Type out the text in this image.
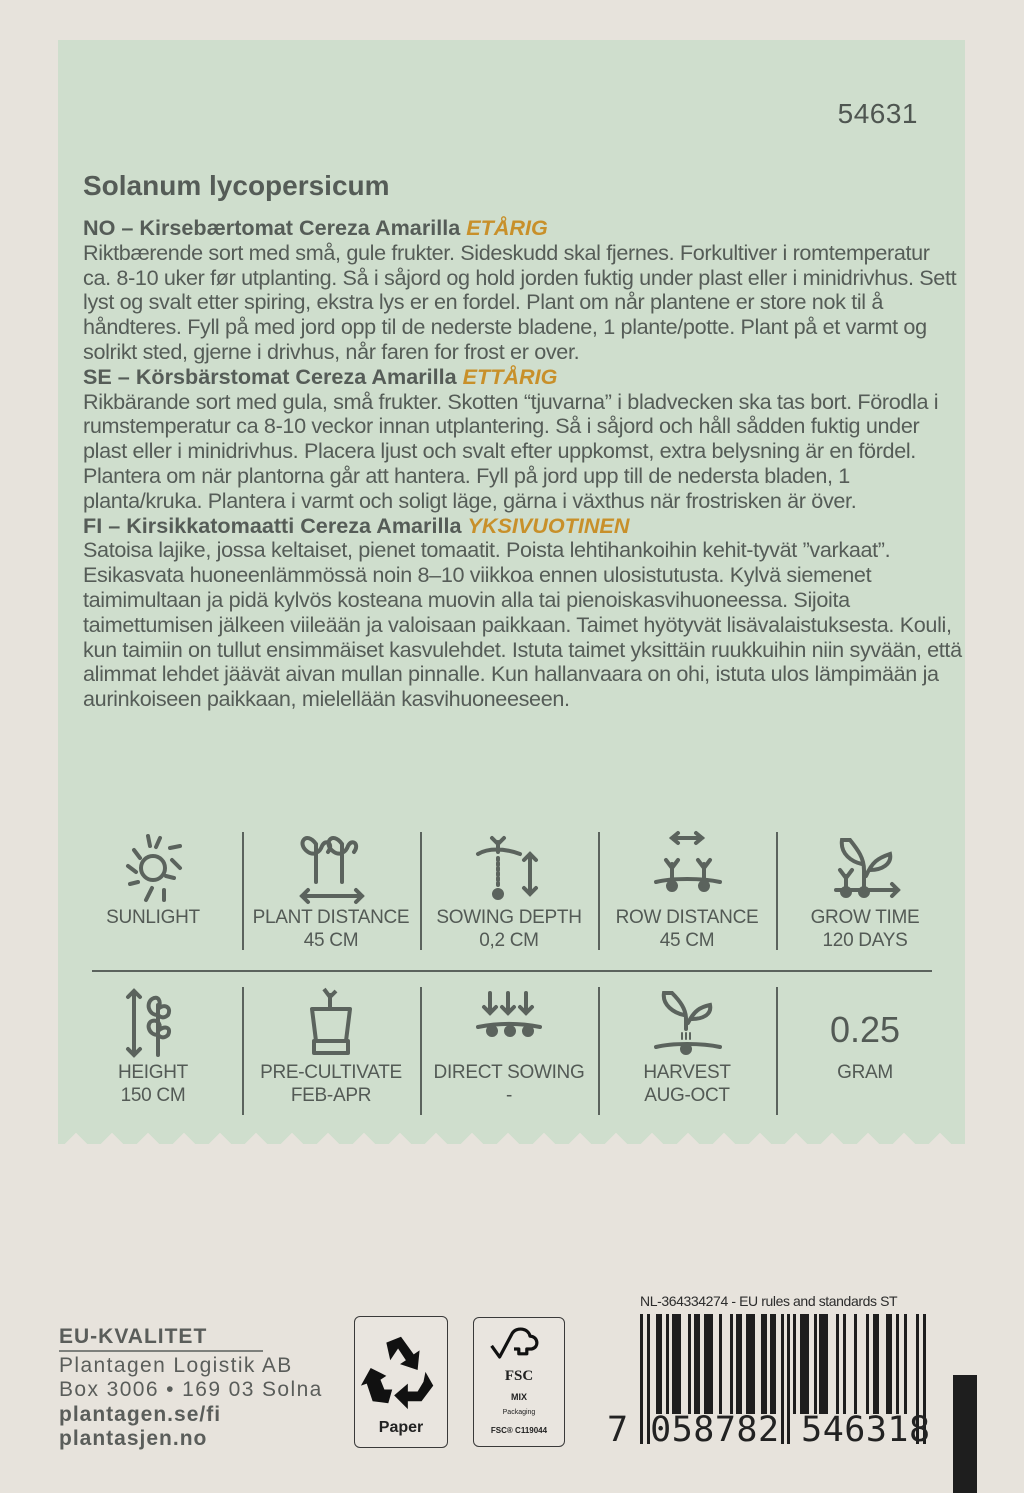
54631
Solanum lycopersicum
NO – Kirsebærtomat Cereza Amarilla ETÅRIG
Riktbærende sort med små, gule frukter. Sideskudd skal fjernes. Forkultiver i romtemperatur ca. 8-10 uker før utplanting. Så i såjord og hold jorden fuktig under plast eller i minidrivhus. Sett lyst og svalt etter spiring, ekstra lys er en fordel. Plant om når plantene er store nok til å håndteres. Fyll på med jord opp til de nederste bladene, 1 plante/potte. Plant på et varmt og solrikt sted, gjerne i drivhus, når faren for frost er over.
SE – Körsbärstomat Cereza Amarilla ETTÅRIG
Rikbärande sort med gula, små frukter. Skotten “tjuvarna” i bladvecken ska tas bort. Förodla i rumstemperatur ca 8-10 veckor innan utplantering. Så i såjord och håll sådden fuktig under plast eller i minidrivhus. Placera ljust och svalt efter uppkomst, extra belysning är en fördel. Plantera om när plantorna går att hantera. Fyll på jord upp till de nedersta bladen, 1 planta/kruka. Plantera i varmt och soligt läge, gärna i växthus när frostrisken är över.
FI – Kirsikkatomaatti Cereza Amarilla YKSIVUOTINEN
Satoisa lajike, jossa keltaiset, pienet tomaatit. Poista lehtihankoihin kehit-tyvät ”varkaat”. Esikasvata huoneenlämmössä noin 8–10 viikkoa ennen ulosistutusta. Kylvä siemenet taimimultaan ja pidä kylvös kosteana muovin alla tai pienoiskasvihuoneessa. Sijoita taimettumisen jälkeen viileään ja valoisaan paikkaan. Taimet hyötyvät lisävalaistuksesta. Kouli, kun taimiin on tullut ensimmäiset kasvulehdet. Istuta taimet yksittäin ruukkuihin niin syvään, että alimmat lehdet jäävät aivan mullan pinnalle. Kun hallanvaara on ohi, istuta ulos lämpimään ja aurinkoiseen paikkaan, mielellään kasvihuoneeseen.
SUNLIGHT	PLANT DISTANCE
45 CM
SOWING DEPTH
0,2 CM
ROW DISTANCE
45 CM
GROW TIME
120 DAYS
HEIGHT
150 CM
PRE-CULTIVATE
FEB-APR
DIRECT SOWING
-
HARVEST
AUG-OCT
0.25
GRAM
EU-KVALITET
Plantagen Logistik AB
Box 3006 • 169 03 Solna
plantagen.se/fi
plantasjen.no	Paper
FSC
MIX
Packaging
FSC® C119044
NL-364334274 - EU rules and standards ST
7 058782 546318
